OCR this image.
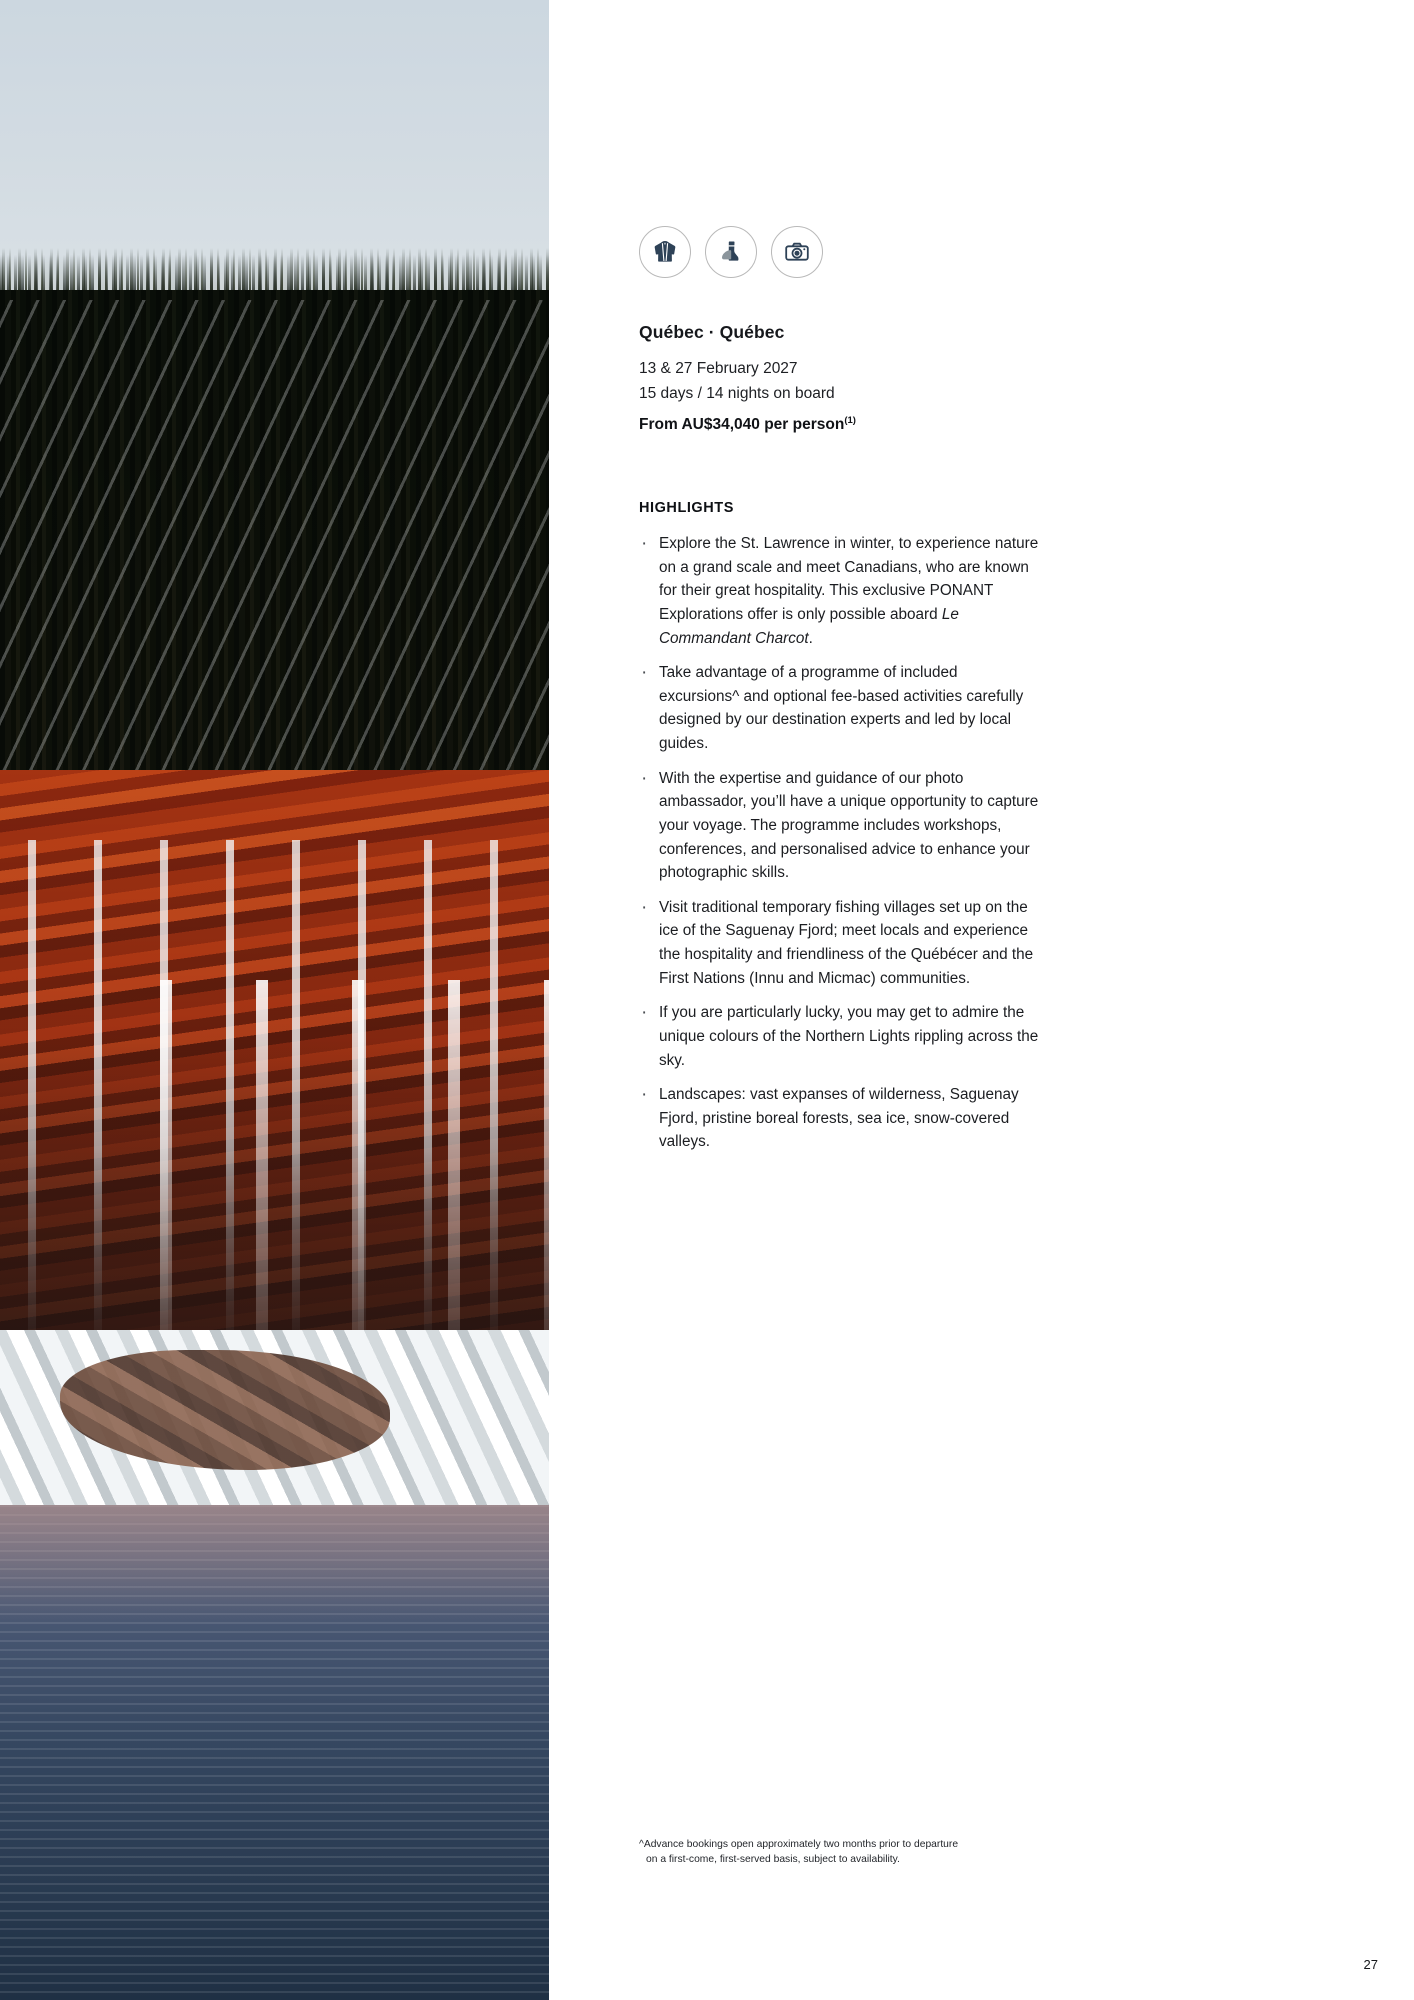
Québec · Québec
13 & 27 February 2027
15 days / 14 nights on board
From AU$34,040 per person$^{(1)}$
HIGHLIGHTS
· Explore the St. Lawrence in winter, to experience nature on a grand scale and meet Canadians, who are known for their great hospitality. This exclusive PONANT Explorations offer is only possible aboard Le Commandant Charcot.
· Take advantage of a programme of included excursions^ and optional fee-based activities carefully designed by our destination experts and led by local guides.
· With the expertise and guidance of our photo ambassador, you’ll have a unique opportunity to capture your voyage. The programme includes workshops, conferences, and personalised advice to enhance your photographic skills.
· Visit traditional temporary fishing villages set up on the ice of the Saguenay Fjord; meet locals and experience the hospitality and friendliness of the Québécer and the First Nations (Innu and Micmac) communities.
· If you are particularly lucky, you may get to admire the unique colours of the Northern Lights rippling across the sky.
· Landscapes: vast expanses of wilderness, Saguenay Fjord, pristine boreal forests, sea ice, snow-covered valleys.
^Advance bookings open approximately two months prior to departure
on a first-come, first-served basis, subject to availability.
27
